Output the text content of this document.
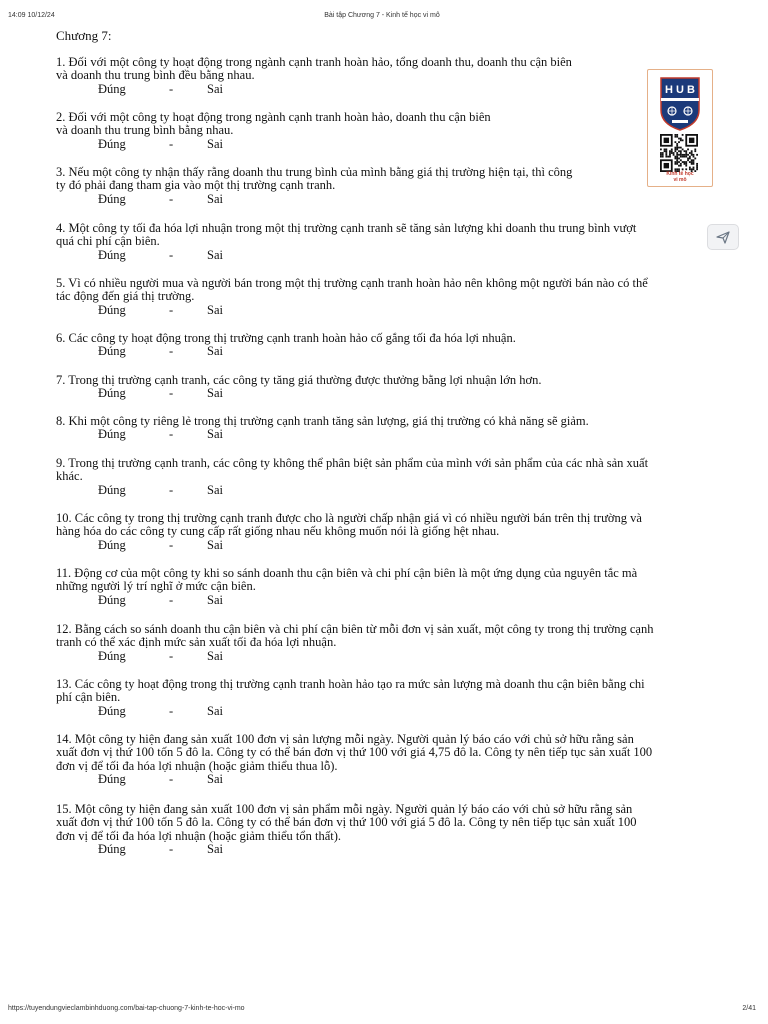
14:09 10/12/24	Bài tập Chương 7 - Kinh tế học vi mô
Chương 7:
1. Đối với một công ty hoạt động trong ngành cạnh tranh hoàn hảo, tổng doanh thu, doanh thu cận biên
và doanh thu trung bình đều bằng nhau.
Đúng	-	Sai
2. Đối với một công ty hoạt động trong ngành cạnh tranh hoàn hảo, doanh thu cận biên
và doanh thu trung bình bằng nhau.
Đúng	-	Sai
3. Nếu một công ty nhận thấy rằng doanh thu trung bình của mình bằng giá thị trường hiện tại, thì công
ty đó phải đang tham gia vào một thị trường cạnh tranh.
Đúng	-	Sai
4. Một công ty tối đa hóa lợi nhuận trong một thị trường cạnh tranh sẽ tăng sản lượng khi doanh thu trung bình vượt
quá chi phí cận biên.
Đúng	-	Sai
5. Vì có nhiều người mua và người bán trong một thị trường cạnh tranh hoàn hảo nên không một người bán nào có thể
tác động đến giá thị trường.
Đúng	-	Sai
6. Các công ty hoạt động trong thị trường cạnh tranh hoàn hảo cố gắng tối đa hóa lợi nhuận.
Đúng	-	Sai
7. Trong thị trường cạnh tranh, các công ty tăng giá thường được thưởng bằng lợi nhuận lớn hơn.
Đúng	-	Sai
8. Khi một công ty riêng lẻ trong thị trường cạnh tranh tăng sản lượng, giá thị trường có khả năng sẽ giảm.
Đúng	-	Sai
9. Trong thị trường cạnh tranh, các công ty không thể phân biệt sản phẩm của mình với sản phẩm của các nhà sản xuất
khác.
Đúng	-	Sai
10. Các công ty trong thị trường cạnh tranh được cho là người chấp nhận giá vì có nhiều người bán trên thị trường và
hàng hóa do các công ty cung cấp rất giống nhau nếu không muốn nói là giống hệt nhau.
Đúng	-	Sai
11. Động cơ của một công ty khi so sánh doanh thu cận biên và chi phí cận biên là một ứng dụng của nguyên tắc mà
những người lý trí nghĩ ở mức cận biên.
Đúng	-	Sai
12. Bằng cách so sánh doanh thu cận biên và chi phí cận biên từ mỗi đơn vị sản xuất, một công ty trong thị trường cạnh
tranh có thể xác định mức sản xuất tối đa hóa lợi nhuận.
Đúng	-	Sai
13. Các công ty hoạt động trong thị trường cạnh tranh hoàn hảo tạo ra mức sản lượng mà doanh thu cận biên bằng chi
phí cận biên.
Đúng	-	Sai
14. Một công ty hiện đang sản xuất 100 đơn vị sản lượng mỗi ngày. Người quản lý báo cáo với chủ sở hữu rằng sản
xuất đơn vị thứ 100 tốn 5 đô la. Công ty có thể bán đơn vị thứ 100 với giá 4,75 đô la. Công ty nên tiếp tục sản xuất 100
đơn vị để tối đa hóa lợi nhuận (hoặc giảm thiểu thua lỗ).
Đúng	-	Sai
15. Một công ty hiện đang sản xuất 100 đơn vị sản phẩm mỗi ngày. Người quản lý báo cáo với chủ sở hữu rằng sản
xuất đơn vị thứ 100 tốn 5 đô la. Công ty có thể bán đơn vị thứ 100 với giá 5 đô la. Công ty nên tiếp tục sản xuất 100
đơn vị để tối đa hóa lợi nhuận (hoặc giảm thiểu tổn thất).
Đúng	-	Sai
H U B
Kinh tế học
vi mô
https://tuyendungvieclambinhduong.com/bai-tap-chuong-7-kinh-te-hoc-vi-mo	2/41
